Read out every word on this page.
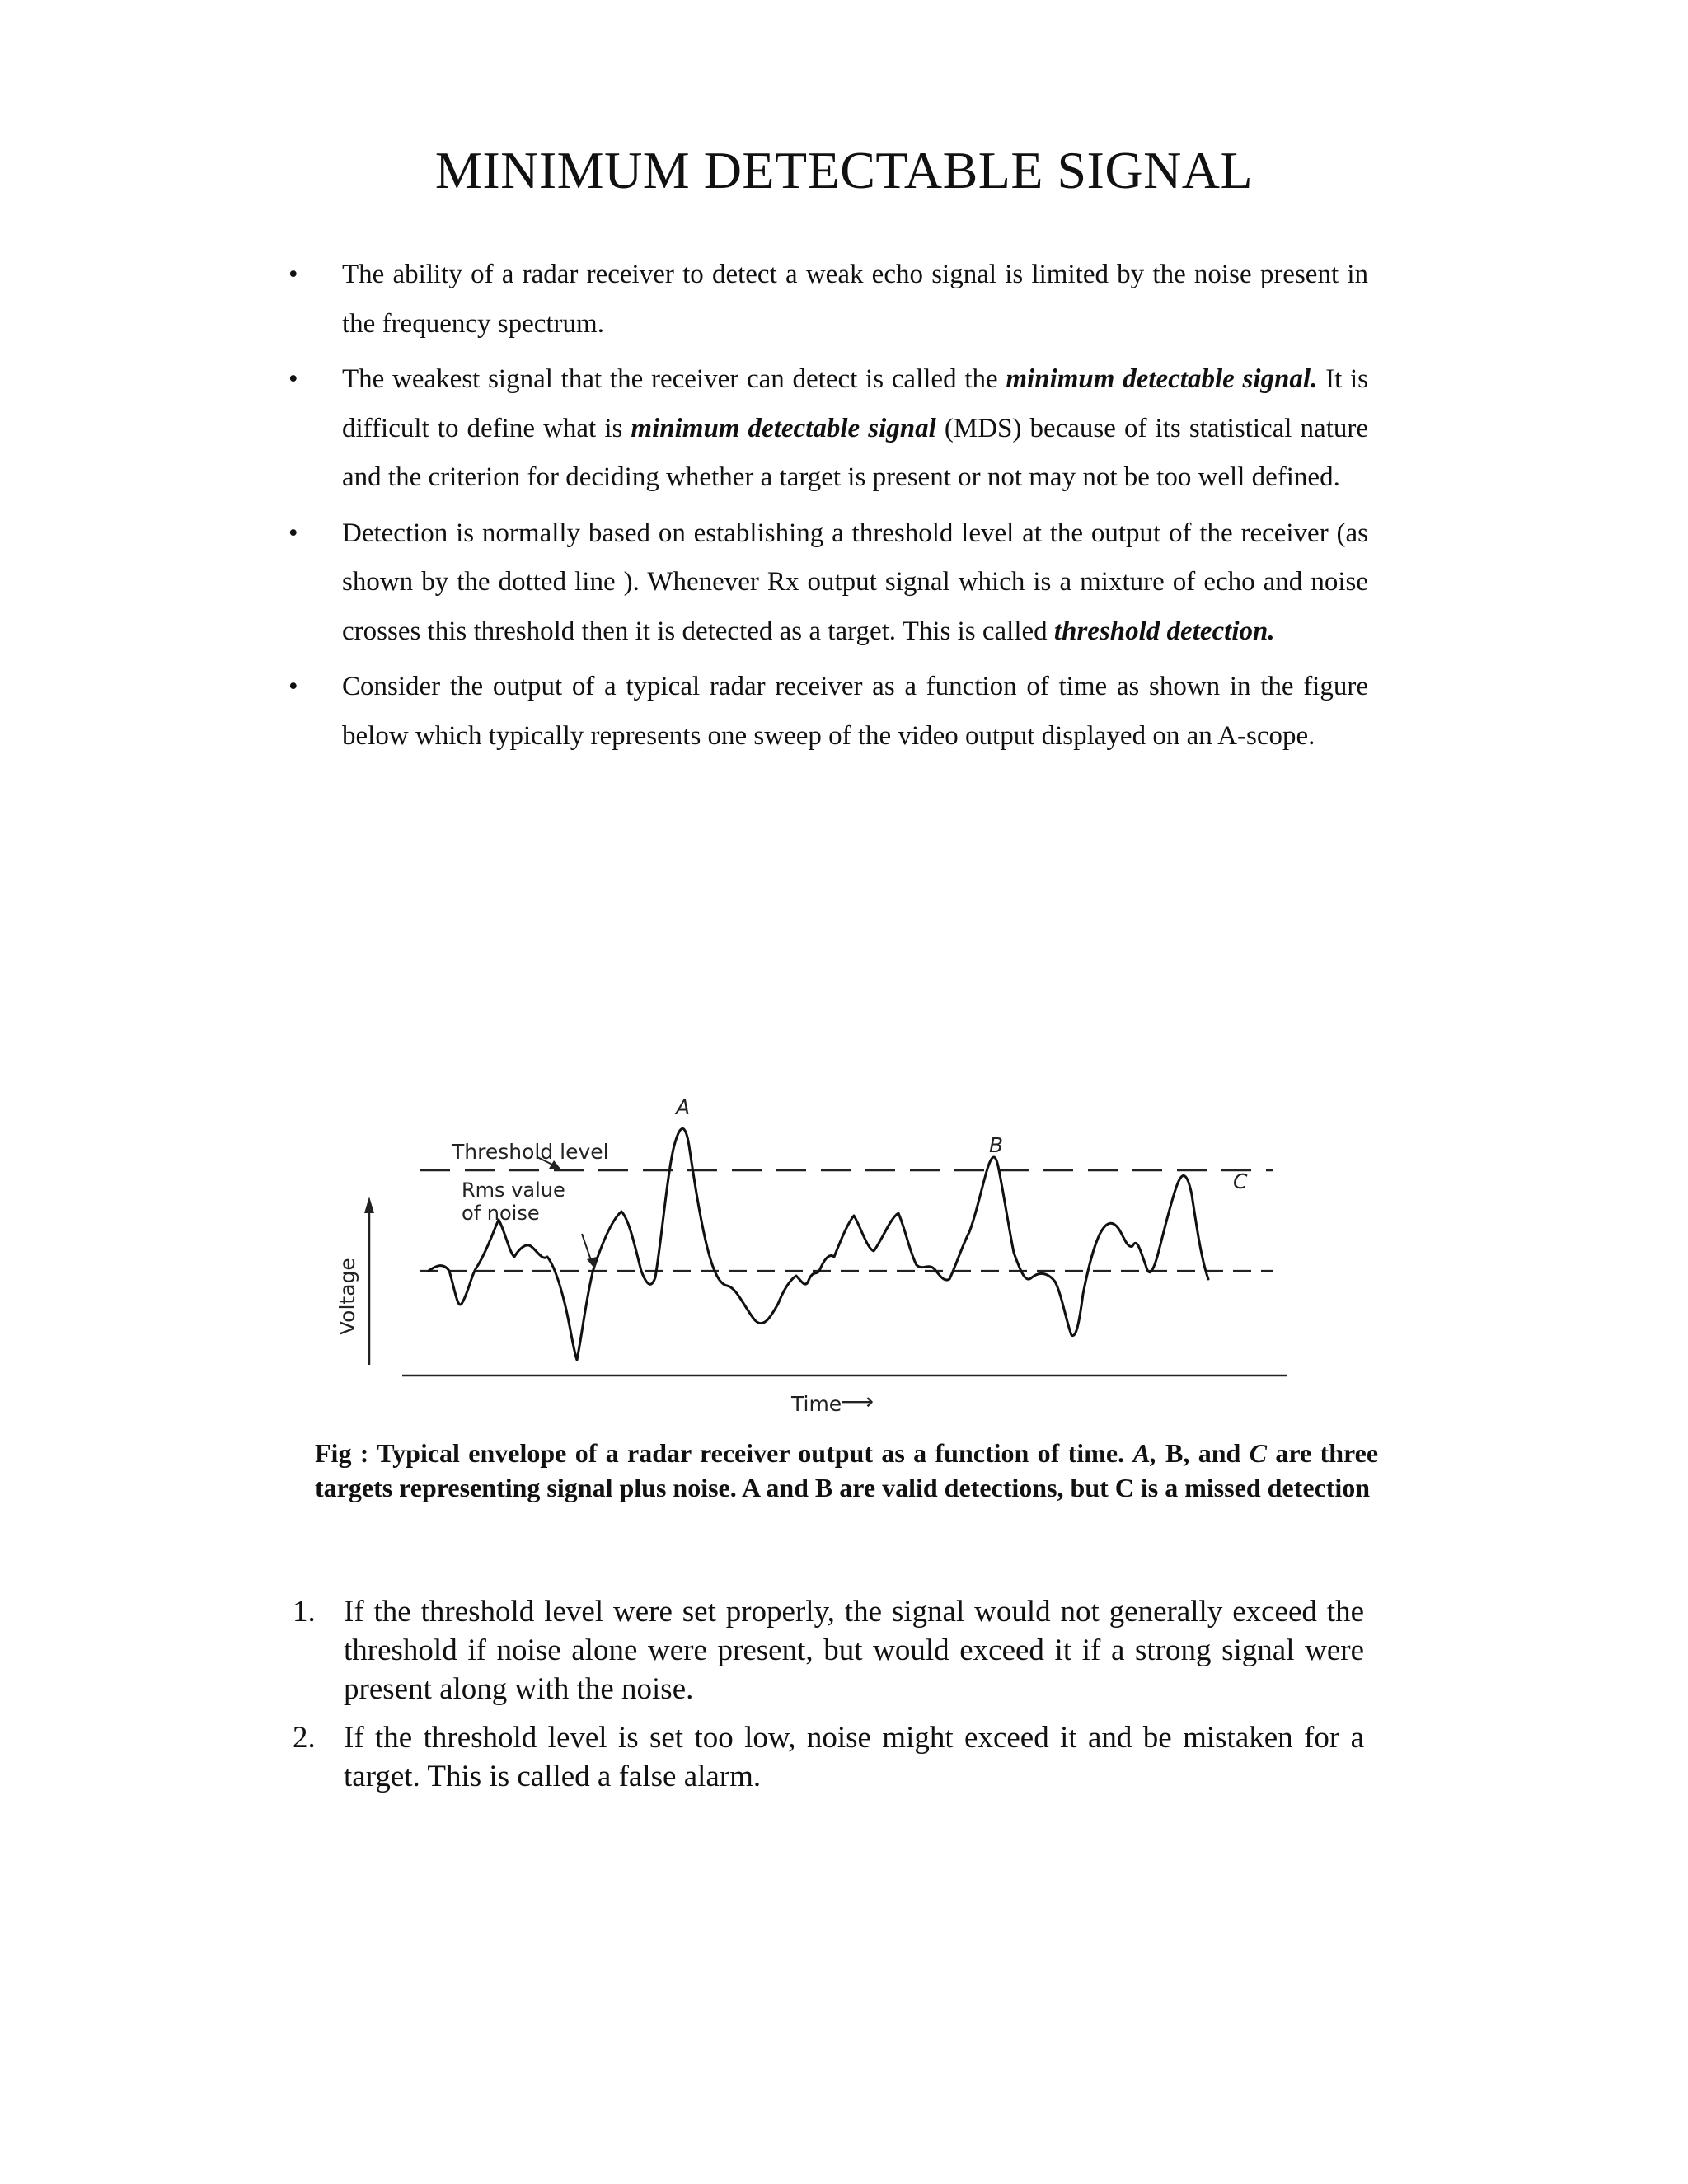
MINIMUM DETECTABLE SIGNAL
• The ability of a radar receiver to detect a weak echo signal is limited by the noise present in the frequency spectrum.
• The weakest signal that the receiver can detect is called the minimum detectable signal. It is difficult to define what is minimum detectable signal (MDS) because of its statistical nature and the criterion for deciding whether a target is present or not may not be too well defined.
• Detection is normally based on establishing a threshold level at the output of the receiver (as shown by the dotted line ). Whenever Rx output signal which is a mixture of echo and noise crosses this threshold then it is detected as a target. This is called threshold detection.
• Consider the output of a typical radar receiver as a function of time as shown in the figure below which typically represents one sweep of the video output displayed on an A-scope.
Threshold level
Rms value
of noise
Voltage
Time
⟶
A
B
C
Fig : Typical envelope of a radar receiver output as a function of time. A, B, and C are three targets representing signal plus noise. A and B are valid detections, but C is a missed detection
1. If the threshold level were set properly, the signal would not generally exceed the threshold if noise alone were present, but would exceed it if a strong signal were present along with the noise.
2. If the threshold level is set too low, noise might exceed it and be mistaken for a target. This is called a false alarm.
